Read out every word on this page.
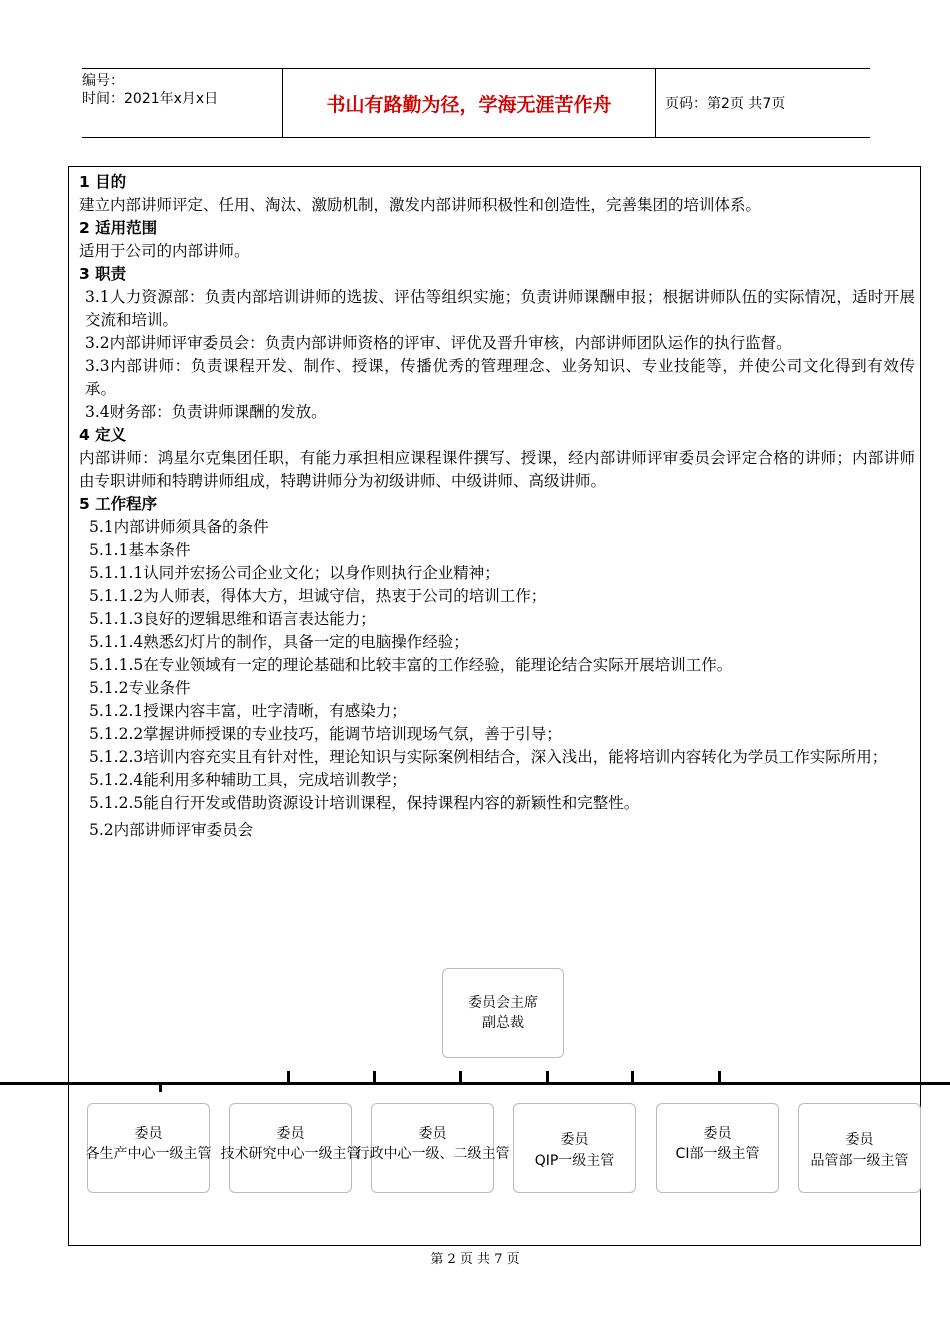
编号：
时间：2021年x月x日	书山有路勤为径，学海无涯苦作舟	页码：第2页 共7页

1 目的

建立内部讲师评定、任用、淘汰、激励机制，激发内部讲师积极性和创造性，完善集团的培训体系。

2 适用范围

适用于公司的内部讲师。

3 职责

3.1人力资源部：负责内部培训讲师的选拔、评估等组织实施；负责讲师课酬申报；根据讲师队伍的实际情况，适时开展交流和培训。

3.2内部讲师评审委员会：负责内部讲师资格的评审、评优及晋升审核，内部讲师团队运作的执行监督。

3.3内部讲师：负责课程开发、制作、授课，传播优秀的管理理念、业务知识、专业技能等，并使公司文化得到有效传承。

3.4财务部：负责讲师课酬的发放。

4 定义

内部讲师：鸿星尔克集团任职，有能力承担相应课程课件撰写、授课，经内部讲师评审委员会评定合格的讲师；内部讲师由专职讲师和特聘讲师组成，特聘讲师分为初级讲师、中级讲师、高级讲师。

5 工作程序

5.1内部讲师须具备的条件

5.1.1基本条件

5.1.1.1认同并宏扬公司企业文化；以身作则执行企业精神；

5.1.1.2为人师表，得体大方，坦诚守信，热衷于公司的培训工作；

5.1.1.3良好的逻辑思维和语言表达能力；

5.1.1.4熟悉幻灯片的制作，具备一定的电脑操作经验；

5.1.1.5在专业领域有一定的理论基础和比较丰富的工作经验，能理论结合实际开展培训工作。

5.1.2专业条件

5.1.2.1授课内容丰富，吐字清晰，有感染力；

5.1.2.2掌握讲师授课的专业技巧，能调节培训现场气氛，善于引导；

5.1.2.3培训内容充实且有针对性，理论知识与实际案例相结合，深入浅出，能将培训内容转化为学员工作实际所用；

5.1.2.4能利用多种辅助工具，完成培训教学；

5.1.2.5能自行开发或借助资源设计培训课程，保持课程内容的新颖性和完整性。

5.2内部讲师评审委员会

委员会主席
副总裁
委员
各生产中心一级主管
委员
技术研究中心一级主管
委员
行政中心一级、二级主管
委员
QIP一级主管
委员
CI部一级主管
委员
品管部一级主管
第 2 页 共 7 页
